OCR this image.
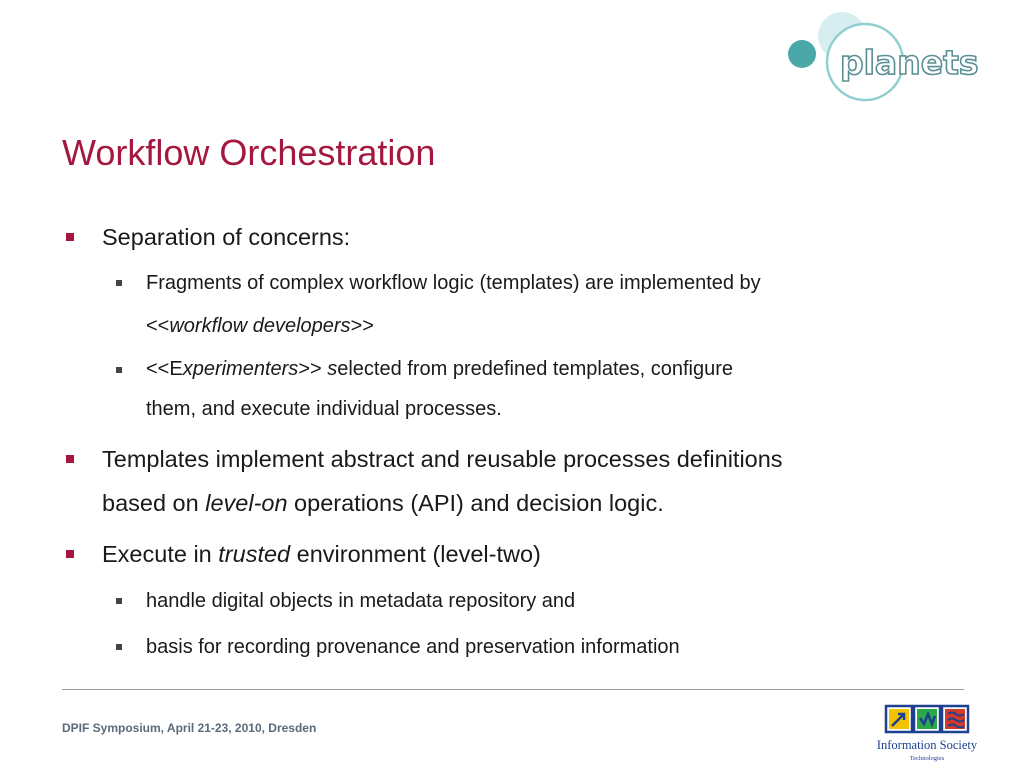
planets
Workflow Orchestration
Separation of concerns:
Fragments of complex workflow logic (templates) are implemented by
<<workflow developers>>
<<Experimenters>> selected from predefined templates, configure
them, and execute individual processes.
Templates implement abstract and reusable processes definitions
based on level-on operations (API) and decision logic.
Execute in trusted environment (level-two)
handle digital objects in metadata repository and
basis for recording provenance and preservation information
DPIF Symposium, April 21-23, 2010, Dresden
Information Society
Technologies
